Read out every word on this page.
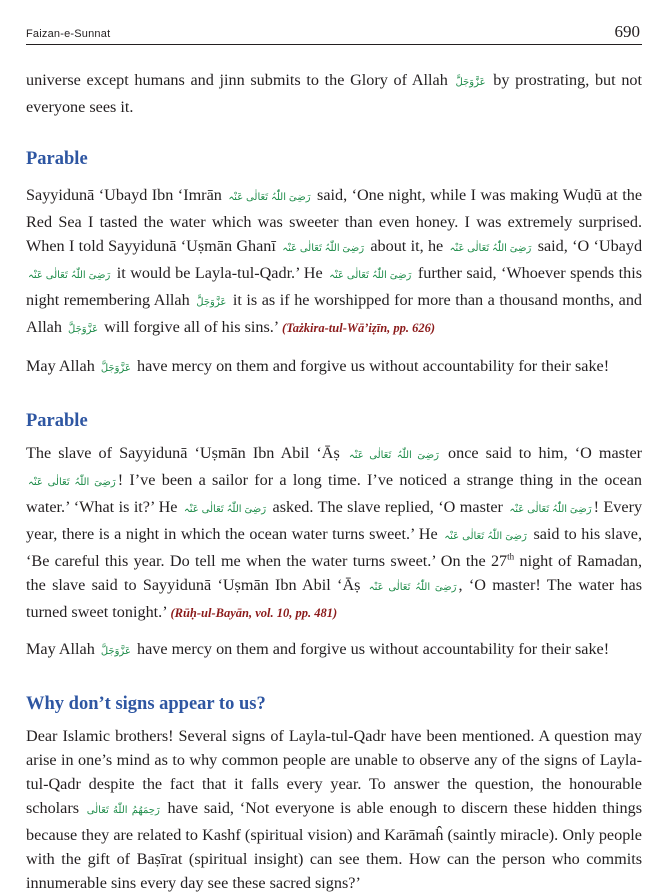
Faizan-e-Sunnat	690

universe except humans and jinn submits to the Glory of Allah عَزَّوَجَلَّ by prostrating, but not everyone sees it.

Parable

Sayyidunā ‘Ubayd Ibn ‘Imrān رَضِیَ اللّٰہُ تَعَالٰی عَنْہ said, ‘One night, while I was making Wuḍū at the Red Sea I tasted the water which was sweeter than even honey. I was extremely surprised. When I told Sayyidunā ‘Uṣmān Ghanī رَضِیَ اللّٰہُ تَعَالٰی عَنْہ about it, he رَضِیَ اللّٰہُ تَعَالٰی عَنْہ said, ‘O ‘Ubayd رَضِیَ اللّٰہُ تَعَالٰی عَنْہ it would be Layla-tul-Qadr.’ He رَضِیَ اللّٰہُ تَعَالٰی عَنْہ further said, ‘Whoever spends this night remembering Allah عَزَّوَجَلَّ it is as if he worshipped for more than a thousand months, and Allah عَزَّوَجَلَّ will forgive all of his sins.’ (Tażkira-tul-Wā’iẓīn, pp. 626)

May Allah عَزَّوَجَلَّ have mercy on them and forgive us without accountability for their sake!

Parable

The slave of Sayyidunā ‘Uṣmān Ibn Abil ‘Āṣ رَضِیَ اللّٰہُ تَعَالٰی عَنْہ once said to him, ‘O master رَضِیَ اللّٰہُ تَعَالٰی عَنْہ ! I’ve been a sailor for a long time. I’ve noticed a strange thing in the ocean water.’ ‘What is it?’ He رَضِیَ اللّٰہُ تَعَالٰی عَنْہ asked. The slave replied, ‘O master رَضِیَ اللّٰہُ تَعَالٰی عَنْہ ! Every year, there is a night in which the ocean water turns sweet.’ He رَضِیَ اللّٰہُ تَعَالٰی عَنْہ said to his slave, ‘Be careful this year. Do tell me when the water turns sweet.’ On the 27th night of Ramadan, the slave said to Sayyidunā ‘Uṣmān Ibn Abil ‘Āṣ رَضِیَ اللّٰہُ تَعَالٰی عَنْہ , ‘O master! The water has turned sweet tonight.’ (Rūḥ-ul-Bayān, vol. 10, pp. 481)

May Allah عَزَّوَجَلَّ have mercy on them and forgive us without accountability for their sake!

Why don’t signs appear to us?

Dear Islamic brothers! Several signs of Layla-tul-Qadr have been mentioned. A question may arise in one’s mind as to why common people are unable to observe any of the signs of Layla-tul-Qadr despite the fact that it falls every year. To answer the question, the honourable scholars رَحِمَهُمُ اللّٰهُ تَعَالٰی have said, ‘Not everyone is able enough to discern these hidden things because they are related to Kashf (spiritual vision) and Karāmaĥ (saintly miracle). Only people with the gift of Baṣīrat (spiritual insight) can see them. How can the person who commits innumerable sins every day see these sacred signs?’
